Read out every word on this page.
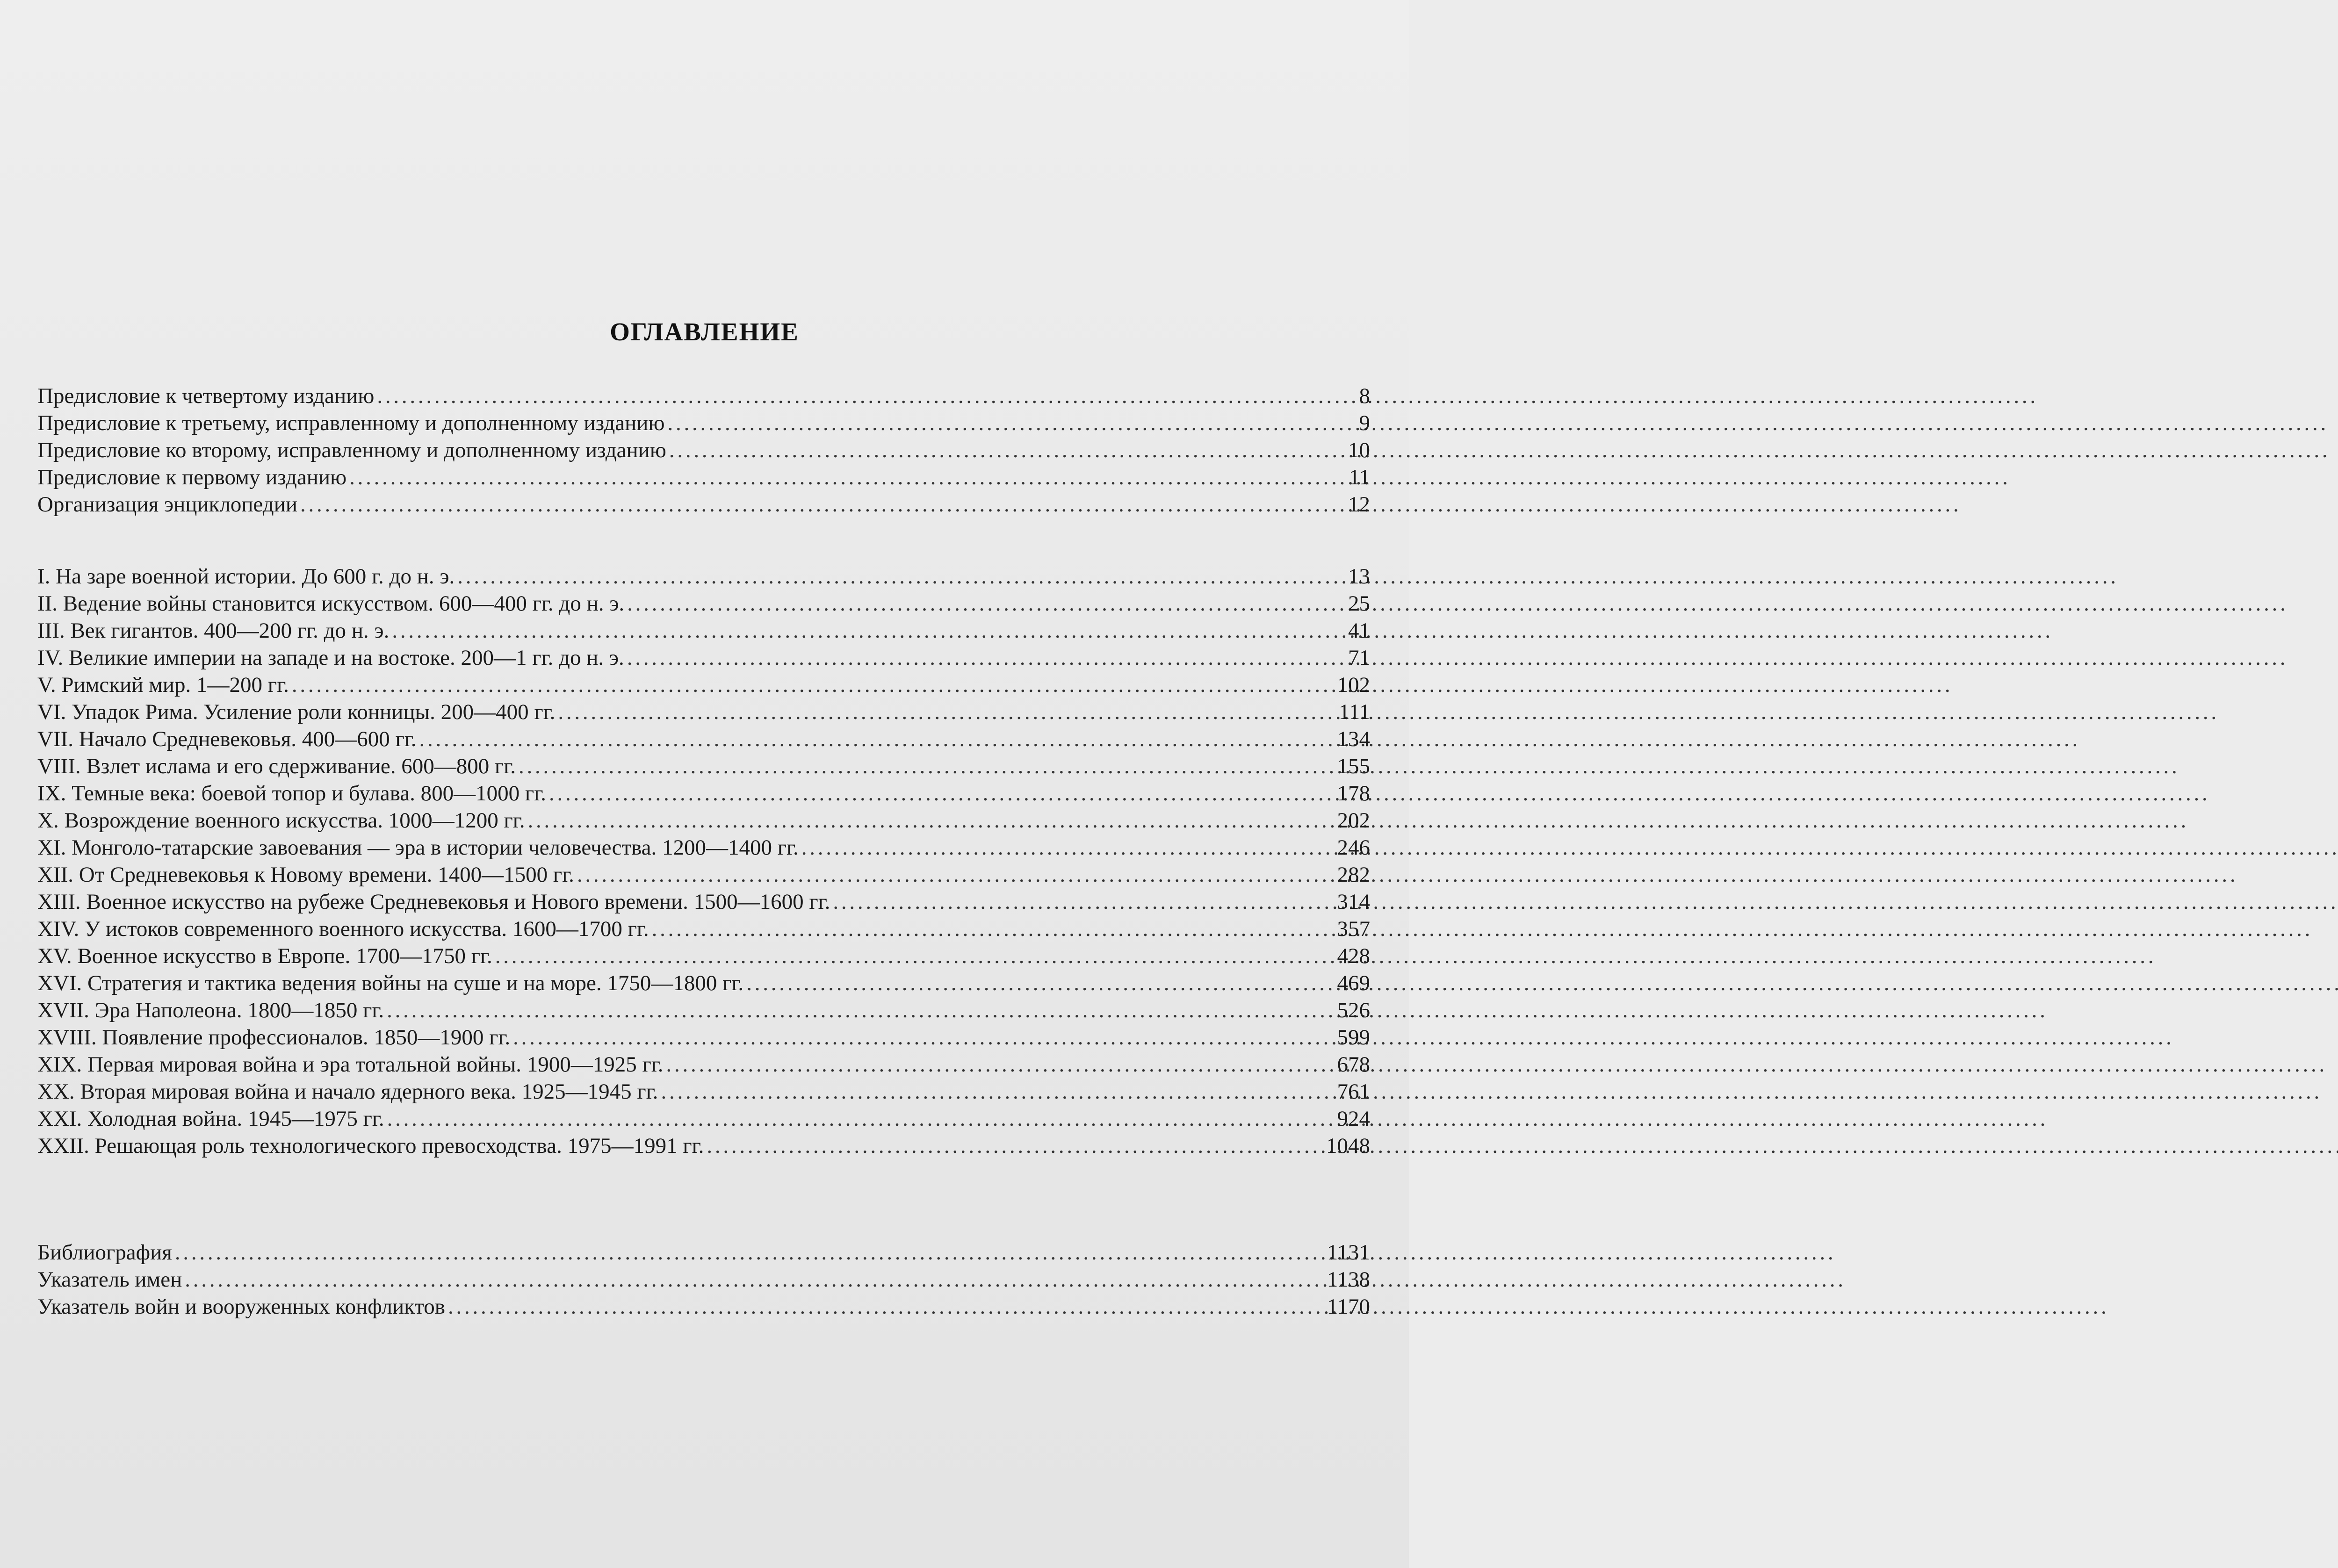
ОГЛАВЛЕНИЕ
Предисловие к четвертому изданию . . .	8
Предисловие к третьему, исправленному и дополненному изданию . . .	9
Предисловие ко второму, исправленному и дополненному изданию . . .	10
Предисловие к первому изданию . . .	11
Организация энциклопедии . . .	12
I. На заре военной истории. До 600 г. до н. э. . . .	13
II. Ведение войны становится искусством. 600—400 гг. до н. э. . . .	25
III. Век гигантов. 400—200 гг. до н. э. . . .	41
IV. Великие империи на западе и на востоке. 200—1 гг. до н. э. . . .	71
V. Римский мир. 1—200 гг. . . .	102
VI. Упадок Рима. Усиление роли конницы. 200—400 гг. . . .	111
VII. Начало Средневековья. 400—600 гг. . . .	134
VIII. Взлет ислама и его сдерживание. 600—800 гг. . . .	155
IX. Темные века: боевой топор и булава. 800—1000 гг. . . .	178
X. Возрождение военного искусства. 1000—1200 гг. . . .	202
XI. Монголо-татарские завоевания — эра в истории человечества. 1200—1400 гг. . . .	246
XII. От Средневековья к Новому времени. 1400—1500 гг. . . .	282
XIII. Военное искусство на рубеже Средневековья и Нового времени. 1500—1600 гг. . . .	314
XIV. У истоков современного военного искусства. 1600—1700 гг. . . .	357
XV. Военное искусство в Европе. 1700—1750 гг. . . .	428
XVI. Стратегия и тактика ведения войны на суше и на море. 1750—1800 гг. . . .	469
XVII. Эра Наполеона. 1800—1850 гг. . . .	526
XVIII. Появление профессионалов. 1850—1900 гг. . . .	599
XIX. Первая мировая война и эра тотальной войны. 1900—1925 гг. . . .	678
XX. Вторая мировая война и начало ядерного века. 1925—1945 гг. . . .	761
XXI. Холодная война. 1945—1975 гг. . . .	924
XXII. Решающая роль технологического превосходства. 1975—1991 гг. . . .	1048
Библиография . . .	1131
Указатель имен . . .	1138
Указатель войн и вооруженных конфликтов . . .	1170
